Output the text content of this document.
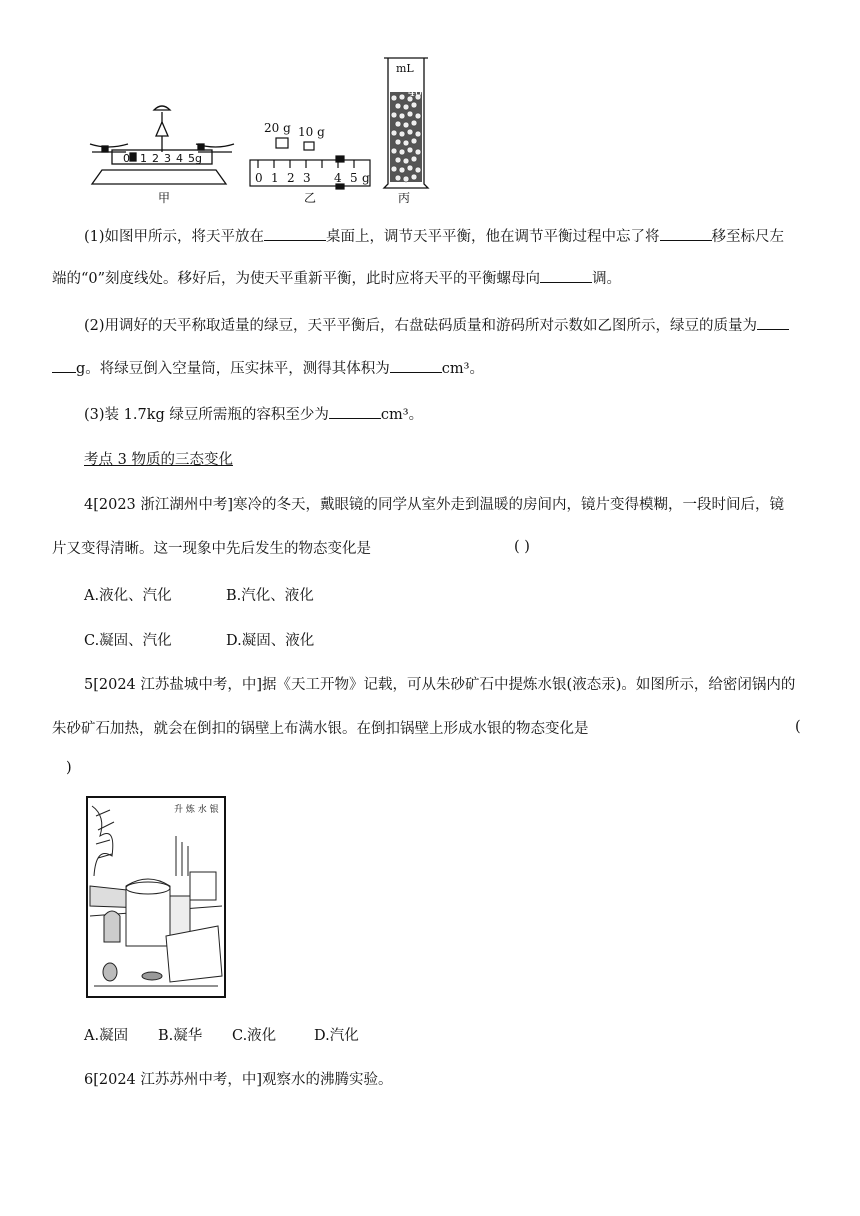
0 1 2 3 4 5g
甲
20 g 10 g
0 1 2 3 4 5 g
乙
mL
40
丙
(1)如图甲所示，将天平放在	桌面上，调节天平平衡，他在调节平衡过程中忘了将	移至标尺左
端的“0”刻度线处。移好后，为使天平重新平衡，此时应将天平的平衡螺母向	调。
(2)用调好的天平称取适量的绿豆，天平平衡后，右盘砝码质量和游码所对示数如乙图所示，绿豆的质量为
g。将绿豆倒入空量筒，压实抹平，测得其体积为	cm³。
(3)装 1.7kg 绿豆所需瓶的容积至少为	cm³。
考点 3 物质的三态变化
4[2023 浙江湖州中考]寒冷的冬天，戴眼镜的同学从室外走到温暖的房间内，镜片变得模糊，一段时间后，镜
片又变得清晰。这一现象中先后发生的物态变化是	( )
A.液化、汽化	B.汽化、液化
C.凝固、汽化	D.凝固、液化
5[2024 江苏盐城中考，中]据《天工开物》记载，可从朱砂矿石中提炼水银(液态汞)。如图所示，给密闭锅内的
朱砂矿石加热，就会在倒扣的锅壁上布满水银。在倒扣锅壁上形成水银的物态变化是	(
)
升 炼 水 银
A.凝固 B.凝华 C.液化	D.汽化
6[2024 江苏苏州中考，中]观察水的沸腾实验。
